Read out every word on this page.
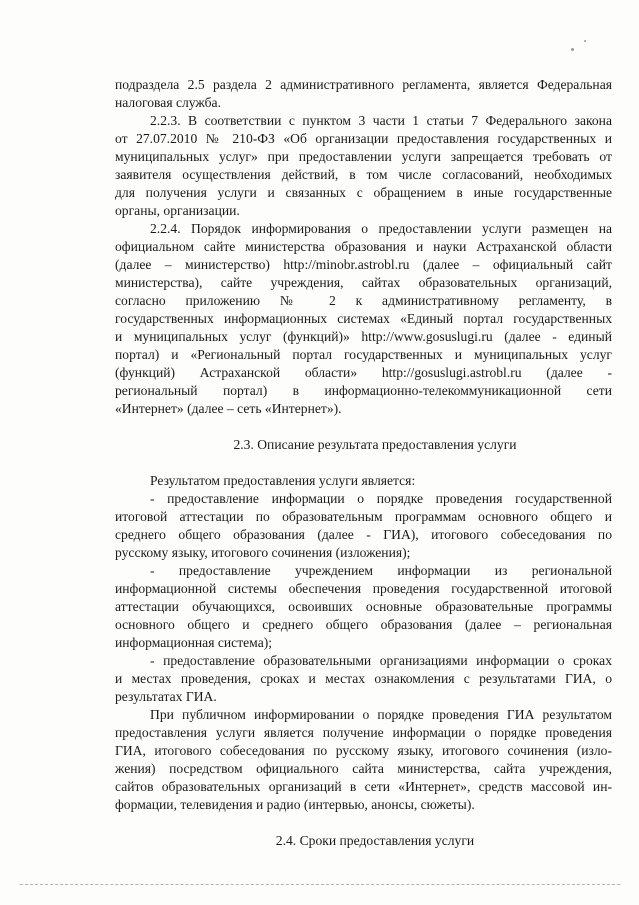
подраздела 2.5 раздела 2 административного регламента, является Федеральная
налоговая служба.
2.2.3. В соответствии с пунктом 3 части 1 статьи 7 Федерального закона
от 27.07.2010 № 210-ФЗ «Об организации предоставления государственных и
муниципальных услуг» при предоставлении услуги запрещается требовать от
заявителя осуществления действий, в том числе согласований, необходимых
для получения услуги и связанных с обращением в иные государственные
органы, организации.
2.2.4. Порядок информирования о предоставлении услуги размещен на
официальном сайте министерства образования и науки Астраханской области
(далее – министерство) http://minobr.astrobl.ru (далее – официальный сайт
министерства), сайте учреждения, сайтах образовательных организаций,
согласно приложению № 2 к административному регламенту, в
государственных информационных системах «Единый портал государственных
и муниципальных услуг (функций)» http://www.gosuslugi.ru (далее - единый
портал) и «Региональный портал государственных и муниципальных услуг
(функций) Астраханской области» http://gosuslugi.astrobl.ru (далее -
региональный портал) в информационно-телекоммуникационной сети
«Интернет» (далее – сеть «Интернет»).
2.3. Описание результата предоставления услуги
Результатом предоставления услуги является:
- предоставление информации о порядке проведения государственной
итоговой аттестации по образовательным программам основного общего и
среднего общего образования (далее - ГИА), итогового собеседования по
русскому языку, итогового сочинения (изложения);
- предоставление учреждением информации из региональной
информационной системы обеспечения проведения государственной итоговой
аттестации обучающихся, освоивших основные образовательные программы
основного общего и среднего общего образования (далее – региональная
информационная система);
- предоставление образовательными организациями информации о сроках
и местах проведения, сроках и местах ознакомления с результатами ГИА, о
результатах ГИА.
При публичном информировании о порядке проведения ГИА результатом
предоставления услуги является получение информации о порядке проведения
ГИА, итогового собеседования по русскому языку, итогового сочинения (изло-
жения) посредством официального сайта министерства, сайта учреждения,
сайтов образовательных организаций в сети «Интернет», средств массовой ин-
формации, телевидения и радио (интервью, анонсы, сюжеты).
2.4. Сроки предоставления услуги
